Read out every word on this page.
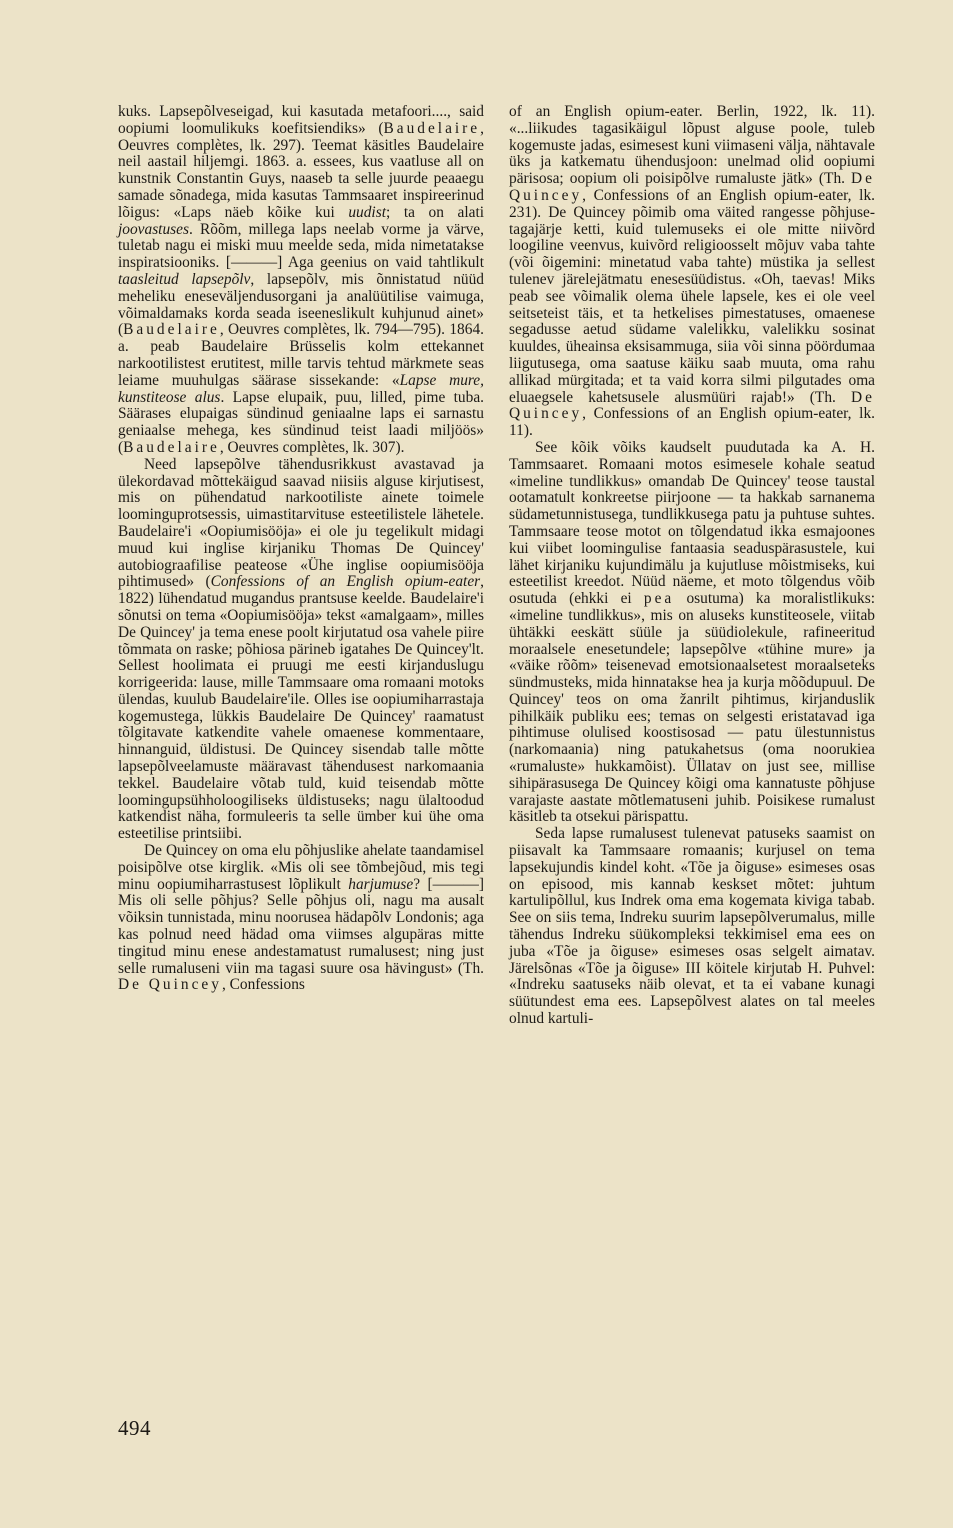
kuks. Lapsepõlveseigad, kui kasutada metafoori...., said oopiumi loomulikuks koefitsiendiks» (Baudelaire, Oeuvres complètes, lk. 297). Teemat käsitles Baudelaire neil aastail hiljemgi. 1863. a. essees, kus vaatluse all on kunstnik Constantin Guys, naaseb ta selle juurde peaaegu samade sõnadega, mida kasutas Tammsaaret inspireerinud lõigus: «Laps näeb kõike kui uudist; ta on alati joovastuses. Rõõm, millega laps neelab vorme ja värve, tuletab nagu ei miski muu meelde seda, mida nimetatakse inspiratsiooniks. [———] Aga geenius on vaid tahtlikult taasleitud lapsepõlv, lapsepõlv, mis õnnistatud nüüd meheliku eneseväljendusorgani ja analüütilise vaimuga, võimaldamaks korda seada iseeneslikult kuhjunud ainet» (Baudelaire, Oeuvres complètes, lk. 794—795). 1864. a. peab Baudelaire Brüsselis kolm ettekannet narkootilistest erutitest, mille tarvis tehtud märkmete seas leiame muuhulgas säärase sissekande: «Lapse mure, kunstiteose alus. Lapse elupaik, puu, lilled, pime tuba. Säärases elupaigas sündinud geniaalne laps ei sarnastu geniaalse mehega, kes sündinud teist laadi miljöös» (Baudelaire, Oeuvres complètes, lk. 307).

Need lapsepõlve tähendusrikkust avastavad ja ülekordavad mõttekäigud saavad niisiis alguse kirjutisest, mis on pühendatud narkootiliste ainete toimele loominguprotsessis, uimastitarvituse esteetilistele lähetele. Baudelaire'i «Oopiumisööja» ei ole ju tegelikult midagi muud kui inglise kirjaniku Thomas De Quincey' autobiograafilise peateose «Ühe inglise oopiumisööja pihtimused» (Confessions of an English opium-eater, 1822) lühendatud mugandus prantsuse keelde. Baudelaire'i sõnutsi on tema «Oopiumisööja» tekst «amalgaam», milles De Quincey' ja tema enese poolt kirjutatud osa vahele piire tõmmata on raske; põhiosa pärineb igatahes De Quincey'lt. Sellest hoolimata ei pruugi me eesti kirjanduslugu korrigeerida: lause, mille Tammsaare oma romaani motoks ülendas, kuulub Baudelaire'ile. Olles ise oopiumiharrastaja kogemustega, lükkis Baudelaire De Quincey' raamatust tõlgitavate katkendite vahele omaenese kommentaare, hinnanguid, üldistusi. De Quincey sisendab talle mõtte lapsepõlveelamuste määravast tähendusest narkomaania tekkel. Baudelaire võtab tuld, kuid teisendab mõtte loomingupsühholoogiliseks üldistuseks; nagu ülaltoodud katkendist näha, formuleeris ta selle ümber kui ühe oma esteetilise printsiibi.

De Quincey on oma elu põhjuslike ahelate taandamisel poisipõlve otse kirglik. «Mis oli see tõmbejõud, mis tegi minu oopiumiharrastusest lõplikult harjumuse? [———] Mis oli selle põhjus? Selle põhjus oli, nagu ma ausalt võiksin tunnistada, minu noorusea hädapõlv Londonis; aga kas polnud need hädad oma viimses algupäras mitte tingitud minu enese andestamatust rumalusest; ning just selle rumaluseni viin ma tagasi suure osa hävingust» (Th. De Quincey, Confessions

of an English opium-eater. Berlin, 1922, lk. 11). «...liikudes tagasikäigul lõpust alguse poole, tuleb kogemuste jadas, esimesest kuni viimaseni välja, nähtavale üks ja katkematu ühendusjoon: unelmad olid oopiumi pärisosa; oopium oli poisipõlve rumaluste jätk» (Th. De Quincey, Confessions of an English opium-eater, lk. 231). De Quincey põimib oma väited rangesse põhjuse-tagajärje ketti, kuid tulemuseks ei ole mitte niivõrd loogiline veenvus, kuivõrd religioosselt mõjuv vaba tahte (või õigemini: minetatud vaba tahte) müstika ja sellest tulenev järelejätmatu enesesüüdistus. «Oh, taevas! Miks peab see võimalik olema ühele lapsele, kes ei ole veel seitseteist täis, et ta hetkelises pimestatuses, omaenese segadusse aetud südame valelikku, valelikku sosinat kuuldes, üheainsa eksisammuga, siia või sinna pöördumaa liigutusega, oma saatuse käiku saab muuta, oma rahu allikad mürgitada; et ta vaid korra silmi pilgutades oma eluaegsele kahetsusele alusmüüri rajab!» (Th. De Quincey, Confessions of an English opium-eater, lk. 11).

See kõik võiks kaudselt puudutada ka A. H. Tammsaaret. Romaani motos esimesele kohale seatud «imeline tundlikkus» omandab De Quincey' teose taustal ootamatult konkreetse piirjoone — ta hakkab sarnanema südametunnistusega, tundlikkusega patu ja puhtuse suhtes. Tammsaare teose motot on tõlgendatud ikka esmajoones kui viibet loomingulise fantaasia seaduspärasustele, kui lähet kirjaniku kujundimälu ja kujutluse mõistmiseks, kui esteetilist kreedot. Nüüd näeme, et moto tõlgendus võib osutuda (ehkki ei pea osutuma) ka moralistlikuks: «imeline tundlikkus», mis on aluseks kunstiteosele, viitab ühtäkki eeskätt süüle ja süüdiolekule, rafineeritud moraalsele enesetundele; lapsepõlve «tühine mure» ja «väike rõõm» teisenevad emotsionaalsetest moraalseteks sündmusteks, mida hinnatakse hea ja kurja mõõdupuul. De Quincey' teos on oma žanrilt pihtimus, kirjanduslik pihilkäik publiku ees; temas on selgesti eristatavad iga pihtimuse olulised koostisosad — patu ülestunnistus (narkomaania) ning patukahetsus (oma noorukiea «rumaluste» hukkamõist). Üllatav on just see, millise sihipärasusega De Quincey kõigi oma kannatuste põhjuse varajaste aastate mõtlematuseni juhib. Poisikese rumalust käsitleb ta otsekui pärispattu.

Seda lapse rumalusest tulenevat patuseks saamist on piisavalt ka Tammsaare romaanis; kurjusel on tema lapsekujundis kindel koht. «Tõe ja õiguse» esimeses osas on episood, mis kannab keskset mõtet: juhtum kartulipõllul, kus Indrek oma ema kogemata kiviga tabab. See on siis tema, Indreku suurim lapsepõlverumalus, mille tähendus Indreku süükompleksi tekkimisel ema ees on juba «Tõe ja õiguse» esimeses osas selgelt aimatav. Järelsõnas «Tõe ja õiguse» III köitele kirjutab H. Puhvel: «Indreku saatuseks näib olevat, et ta ei vabane kunagi süütundest ema ees. Lapsepõlvest alates on tal meeles olnud kartuli-

494
